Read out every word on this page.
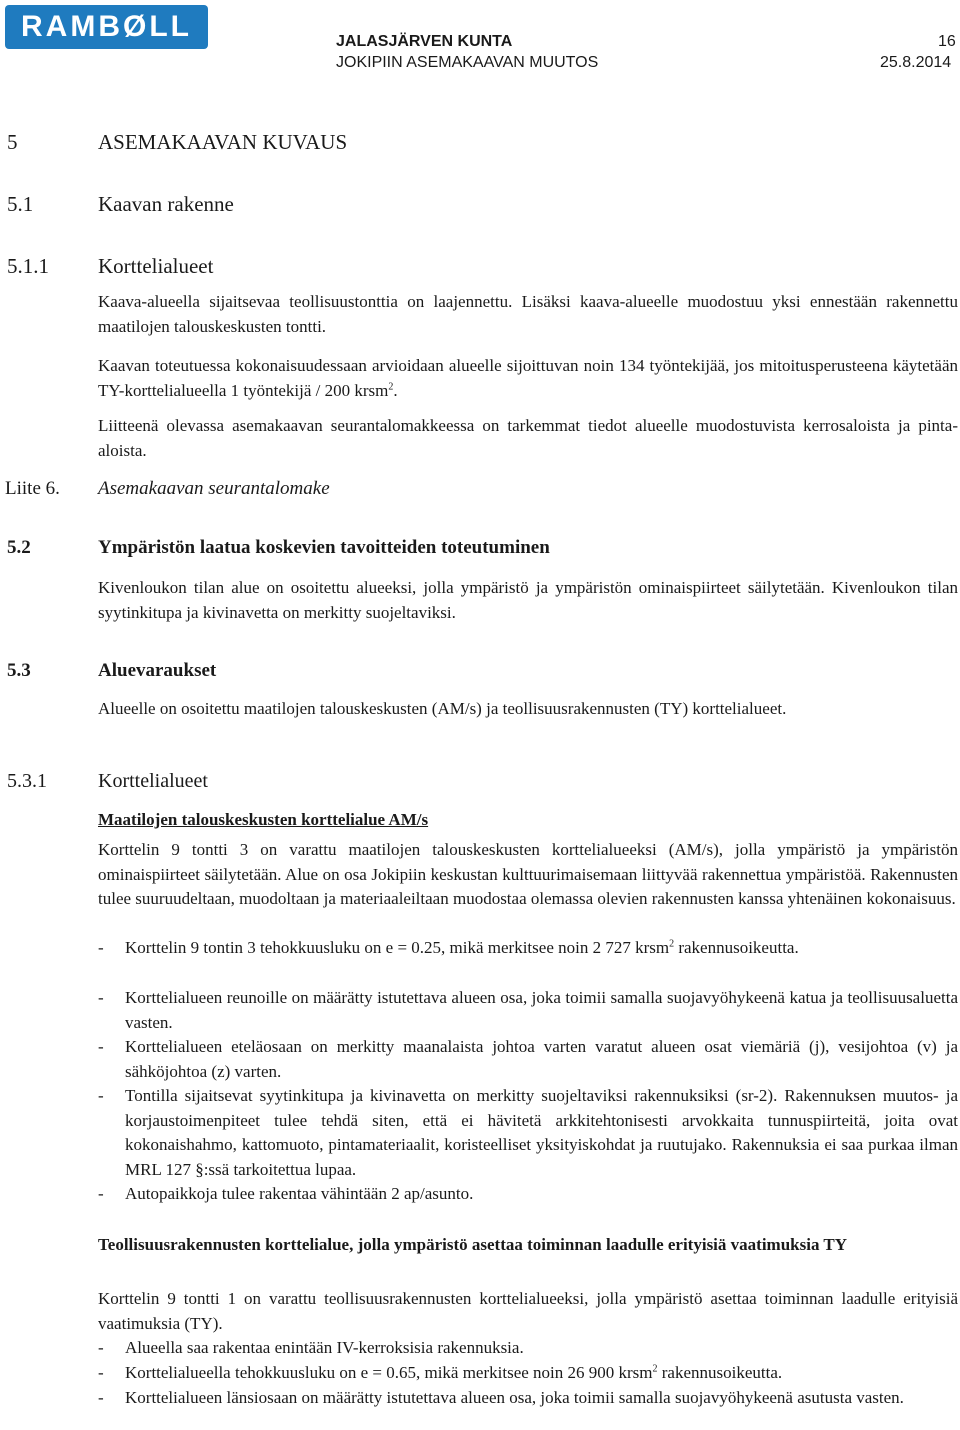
RAMBØLL	JALASJÄRVEN KUNTA
JOKIPIIN ASEMAKAAVAN MUUTOS
16
25.8.2014
5	ASEMAKAAVAN KUVAUS
5.1	Kaavan rakenne
5.1.1 Korttelialueet
Kaava-alueella sijaitsevaa teollisuustonttia on laajennettu. Lisäksi kaava-alueelle muodostuu yksi ennestään rakennettu maatilojen talouskeskusten tontti.
Kaavan toteutuessa kokonaisuudessaan arvioidaan alueelle sijoittuvan noin 134 työntekijää, jos mitoitusperusteena käytetään TY-korttelialueella 1 työntekijä / 200 krsm$^2$.
Liitteenä olevassa asemakaavan seurantalomakkeessa on tarkemmat tiedot alueelle muodostuvista kerrosaloista ja pinta-aloista.
Liite 6. Asemakaavan seurantalomake
5.2	Ympäristön laatua koskevien tavoitteiden toteutuminen
Kivenloukon tilan alue on osoitettu alueeksi, jolla ympäristö ja ympäristön ominaispiirteet säilytetään. Kivenloukon tilan syytinkitupa ja kivinavetta on merkitty suojeltaviksi.
5.3	Aluevaraukset
Alueelle on osoitettu maatilojen talouskeskusten (AM/s) ja teollisuusrakennusten (TY) korttelialueet.
5.3.1	Korttelialueet
Maatilojen talouskeskusten korttelialue AM/s
Korttelin 9 tontti 3 on varattu maatilojen talouskeskusten korttelialueeksi (AM/s), jolla ympäristö ja ympäristön ominaispiirteet säilytetään. Alue on osa Jokipiin keskustan kulttuurimaisemaan liittyvää rakennettua ympäristöä. Rakennusten tulee suuruudeltaan, muodoltaan ja materiaaleiltaan muodostaa olemassa olevien rakennusten kanssa yhtenäinen kokonaisuus.
- Korttelin 9 tontin 3 tehokkuusluku on e = 0.25, mikä merkitsee noin 2 727 krsm$^2$ rakennusoikeutta.
- Korttelialueen reunoille on määrätty istutettava alueen osa, joka toimii samalla suojavyöhykeenä katua ja teollisuusaluetta vasten.
- Korttelialueen eteläosaan on merkitty maanalaista johtoa varten varatut alueen osat viemäriä (j), vesijohtoa (v) ja sähköjohtoa (z) varten.
- Tontilla sijaitsevat syytinkitupa ja kivinavetta on merkitty suojeltaviksi rakennuksiksi (sr-2). Rakennuksen muutos- ja korjaustoimenpiteet tulee tehdä siten, että ei hävitetä arkkitehtonisesti arvokkaita tunnuspiirteitä, joita ovat kokonaishahmo, kattomuoto, pintamateriaalit, koristeelliset yksityiskohdat ja ruutujako. Rakennuksia ei saa purkaa ilman MRL 127 §:ssä tarkoitettua lupaa.
- Autopaikkoja tulee rakentaa vähintään 2 ap/asunto.
Teollisuusrakennusten korttelialue, jolla ympäristö asettaa toiminnan laadulle erityisiä vaatimuksia TY
Korttelin 9 tontti 1 on varattu teollisuusrakennusten korttelialueeksi, jolla ympäristö asettaa toiminnan laadulle erityisiä vaatimuksia (TY).
- Alueella saa rakentaa enintään IV-kerroksisia rakennuksia.
- Korttelialueella tehokkuusluku on e = 0.65, mikä merkitsee noin 26 900 krsm$^2$ rakennusoikeutta.
- Korttelialueen länsiosaan on määrätty istutettava alueen osa, joka toimii samalla suojavyöhykeenä asutusta vasten.
